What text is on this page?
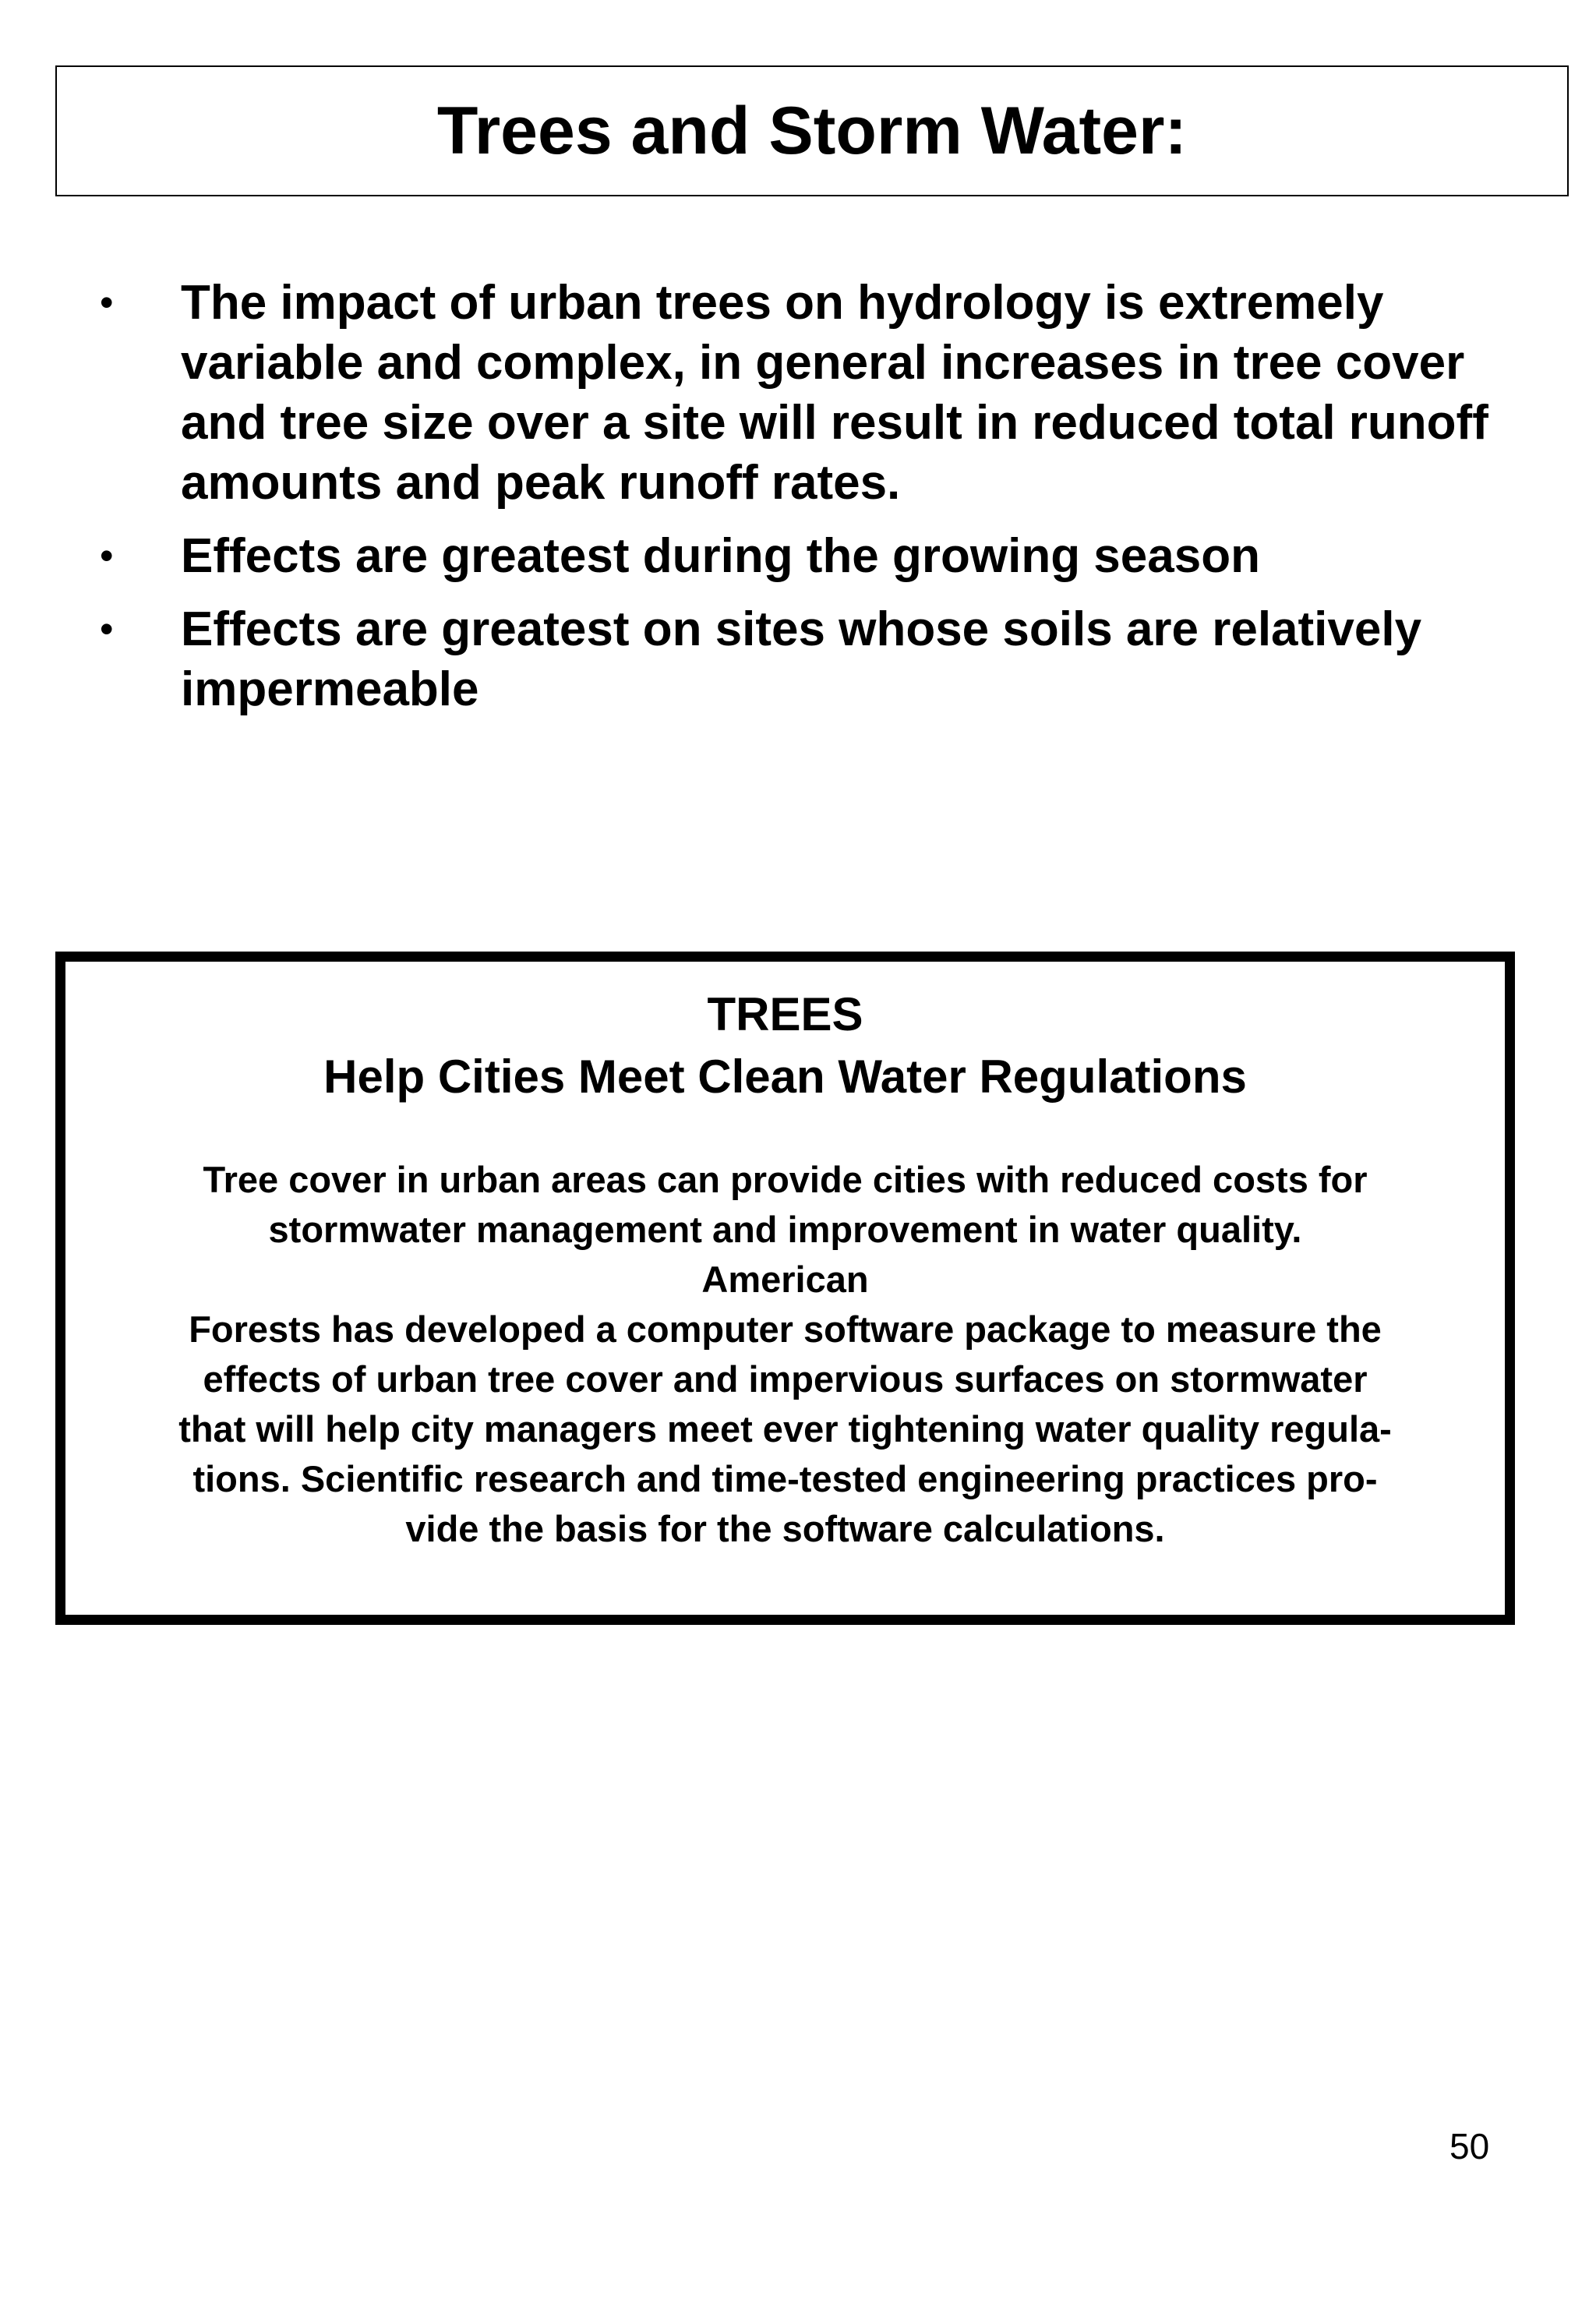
Trees and Storm Water:
• The impact of urban trees on hydrology is extremely variable and complex, in general increases in tree cover and tree size over a site will result in reduced total runoff amounts and peak runoff rates.
• Effects are greatest during the growing season
• Effects are greatest on sites whose soils are relatively impermeable
TREES
Help Cities Meet Clean Water Regulations
Tree cover in urban areas can provide cities with reduced costs for
stormwater management and improvement in water quality.
American
Forests has developed a computer software package to measure the
effects of urban tree cover and impervious surfaces on stormwater
that will help city managers meet ever tightening water quality regula-
tions. Scientific research and time-tested engineering practices pro-
vide the basis for the software calculations.
50
